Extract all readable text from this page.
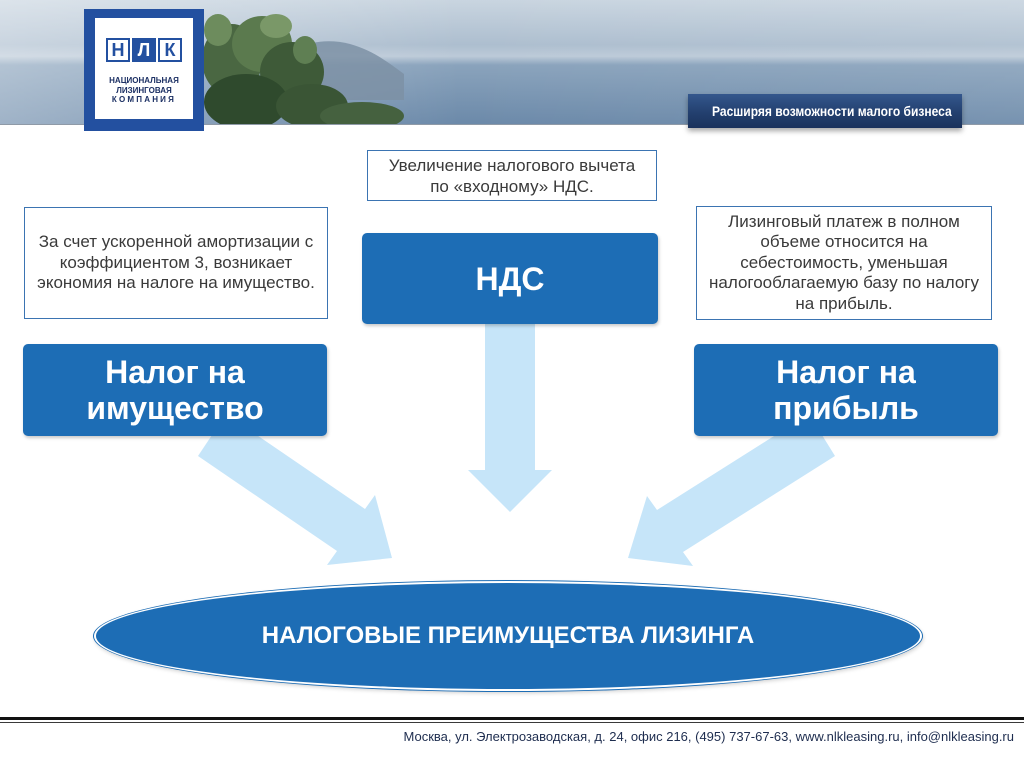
Н Л К
НАЦИОНАЛЬНАЯ
ЛИЗИНГОВАЯ
КОМПАНИЯ
Расширяя возможности малого бизнеса
Увеличение налогового вычета
по «входному» НДС.
За счет ускоренной амортизации с
коэффициентом 3, возникает
экономия на налоге на имущество.
Лизинговый платеж в полном
объеме относится на
себестоимость, уменьшая
налогооблагаемую базу по налогу
на прибыль.
НДС
Налог на
имущество
Налог на
прибыль
НАЛОГОВЫЕ ПРЕИМУЩЕСТВА ЛИЗИНГА
Москва, ул. Электрозаводская, д. 24, офис 216, (495) 737-67-63, www.nlkleasing.ru, info@nlkleasing.ru
